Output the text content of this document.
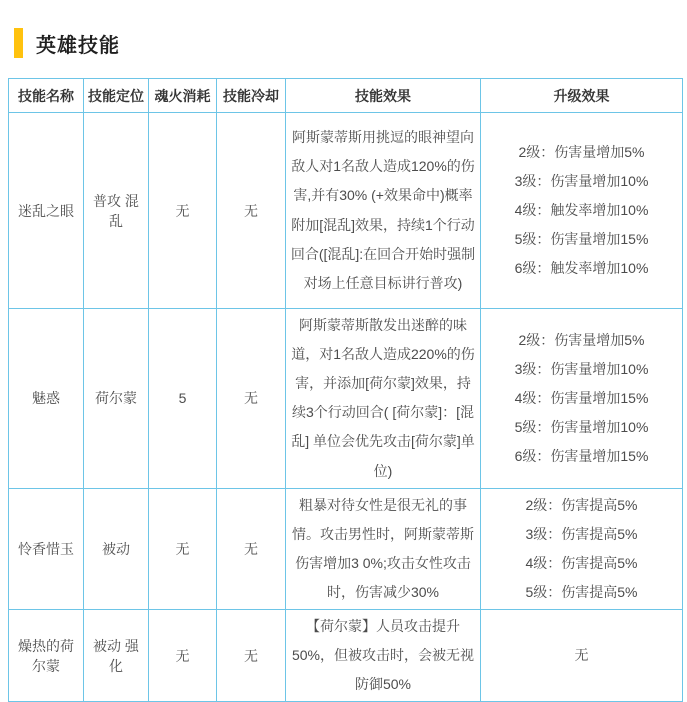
英雄技能
技能名称	技能定位	魂火消耗	技能冷却	技能效果	升级效果
迷乱之眼	普攻 混乱	无	无	阿斯蒙蒂斯用挑逗的眼神望向敌人对1名敌人造成120%的伤害,并有30% (+效果命中)概率附加[混乱]效果，持续1个行动回合([混乱]:在回合开始时强制对场上任意目标讲行普攻)	2级：伤害量增加5%
3级：伤害量增加10%
4级：触发率增加10%
5级：伤害量增加15%
6级：触发率增加10%

魅惑	荷尔蒙	5	无	阿斯蒙蒂斯散发出迷醉的味道，对1名敌人造成220%的伤害，并添加[荷尔蒙]效果，持续3个行动回合( [荷尔蒙]：[混乱] 单位会优先攻击[荷尔蒙]单位)	2级：伤害量增加5%
3级：伤害量增加10%
4级：伤害量增加15%
5级：伤害量增加10%
6级：伤害量增加15%

怜香惜玉	被动	无	无	粗暴对待女性是很无礼的事情。攻击男性时，阿斯蒙蒂斯伤害增加3 0%;攻击女性攻击时，伤害减少30%	2级：伤害提高5%
3级：伤害提高5%
4级：伤害提高5%
5级：伤害提高5%

燥热的荷尔蒙	被动 强化	无	无	【荷尔蒙】人员攻击提升50%，但被攻击时，会被无视防御50%	无
